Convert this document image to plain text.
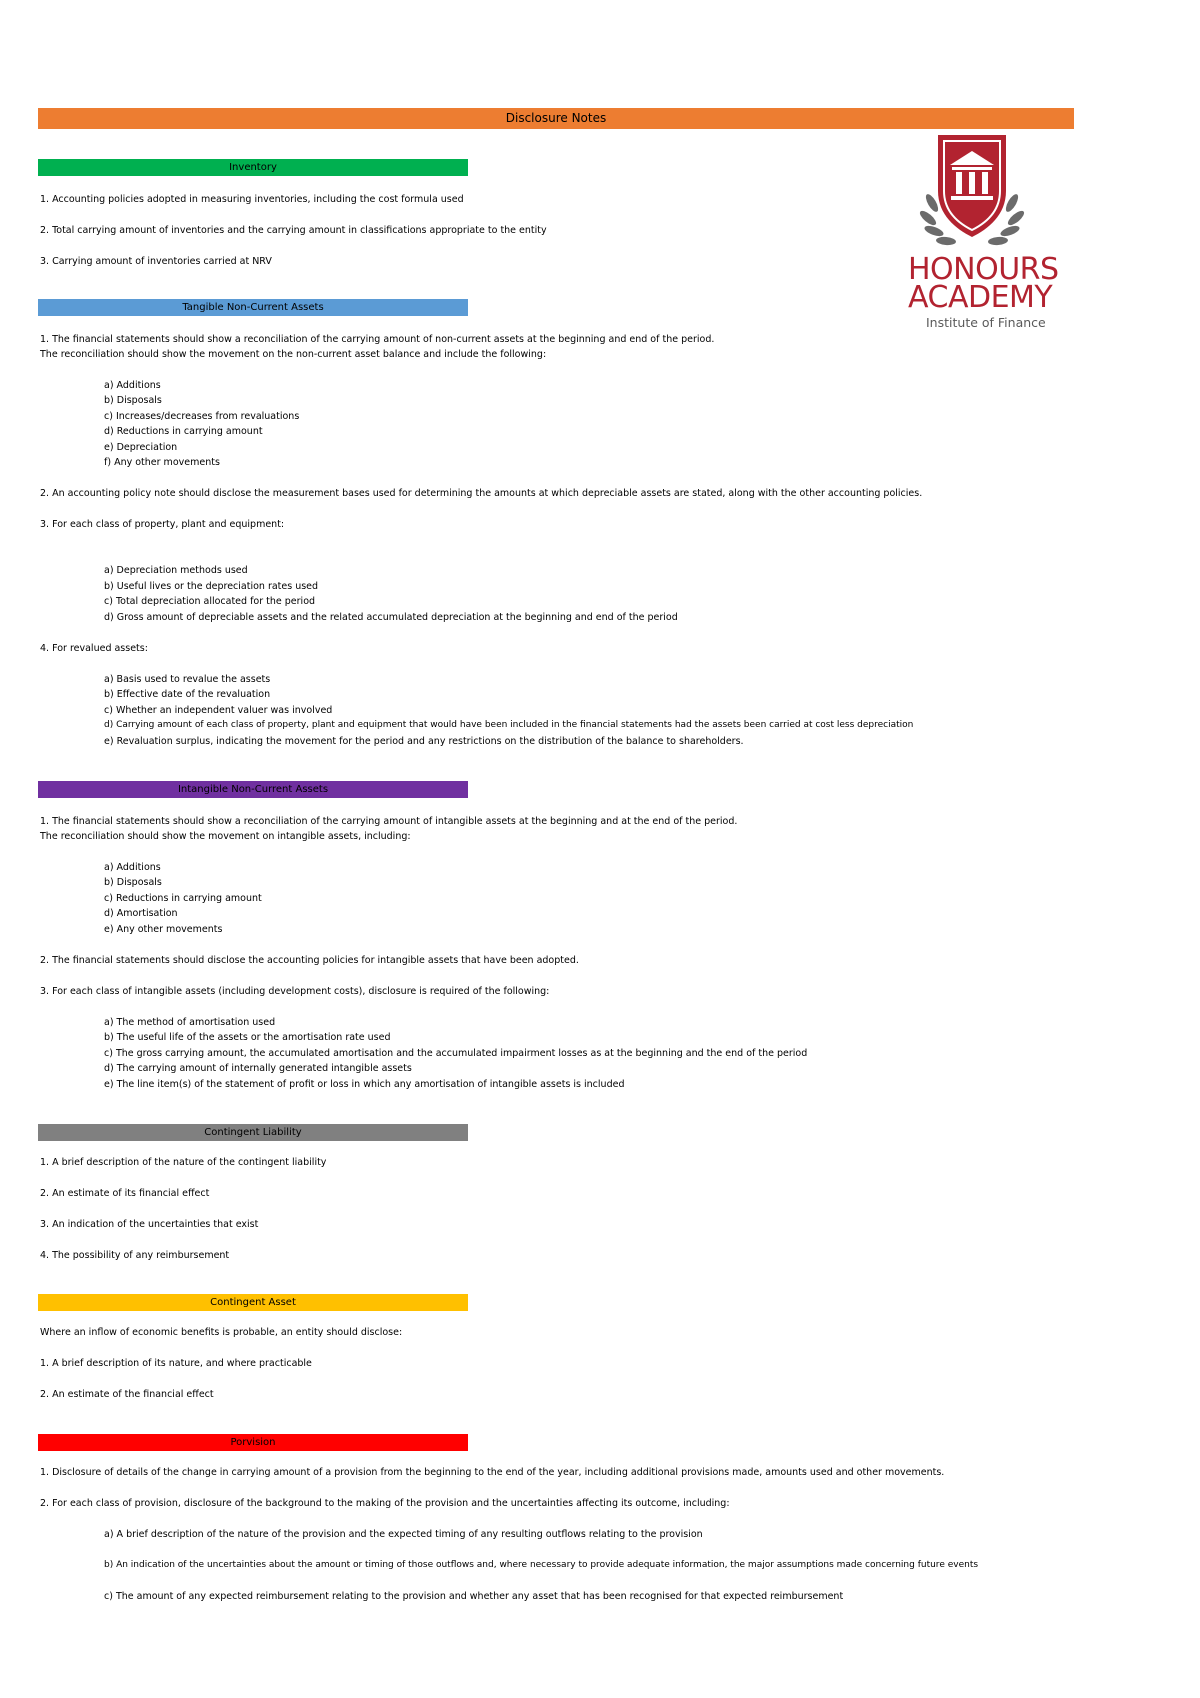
Disclosure Notes
HONOURS
ACADEMY
Institute of Finance
Inventory
1. Accounting policies adopted in measuring inventories, including the cost formula used
2. Total carrying amount of inventories and the carrying amount in classifications appropriate to the entity
3. Carrying amount of inventories carried at NRV
Tangible Non-Current Assets
1. The financial statements should show a reconciliation of the carrying amount of non-current assets at the beginning and end of the period.
The reconciliation should show the movement on the non-current asset balance and include the following:
a) Additions
b) Disposals
c) Increases/decreases from revaluations
d) Reductions in carrying amount
e) Depreciation
f) Any other movements
2. An accounting policy note should disclose the measurement bases used for determining the amounts at which depreciable assets are stated, along with the other accounting policies.
3. For each class of property, plant and equipment:
a) Depreciation methods used
b) Useful lives or the depreciation rates used
c) Total depreciation allocated for the period
d) Gross amount of depreciable assets and the related accumulated depreciation at the beginning and end of the period
4. For revalued assets:
a) Basis used to revalue the assets
b) Effective date of the revaluation
c) Whether an independent valuer was involved
d) Carrying amount of each class of property, plant and equipment that would have been included in the financial statements had the assets been carried at cost less depreciation
e) Revaluation surplus, indicating the movement for the period and any restrictions on the distribution of the balance to shareholders.
Intangible Non-Current Assets
1. The financial statements should show a reconciliation of the carrying amount of intangible assets at the beginning and at the end of the period.
The reconciliation should show the movement on intangible assets, including:
a) Additions
b) Disposals
c) Reductions in carrying amount
d) Amortisation
e) Any other movements
2. The financial statements should disclose the accounting policies for intangible assets that have been adopted.
3. For each class of intangible assets (including development costs), disclosure is required of the following:
a) The method of amortisation used
b) The useful life of the assets or the amortisation rate used
c) The gross carrying amount, the accumulated amortisation and the accumulated impairment losses as at the beginning and the end of the period
d) The carrying amount of internally generated intangible assets
e) The line item(s) of the statement of profit or loss in which any amortisation of intangible assets is included
Contingent Liability
1. A brief description of the nature of the contingent liability
2. An estimate of its financial effect
3. An indication of the uncertainties that exist
4. The possibility of any reimbursement
Contingent Asset
Where an inflow of economic benefits is probable, an entity should disclose:
1. A brief description of its nature, and where practicable
2. An estimate of the financial effect
Porvision
1. Disclosure of details of the change in carrying amount of a provision from the beginning to the end of the year, including additional provisions made, amounts used and other movements.
2. For each class of provision, disclosure of the background to the making of the provision and the uncertainties affecting its outcome, including:
a) A brief description of the nature of the provision and the expected timing of any resulting outflows relating to the provision
b) An indication of the uncertainties about the amount or timing of those outflows and, where necessary to provide adequate information, the major assumptions made concerning future events
c) The amount of any expected reimbursement relating to the provision and whether any asset that has been recognised for that expected reimbursement
